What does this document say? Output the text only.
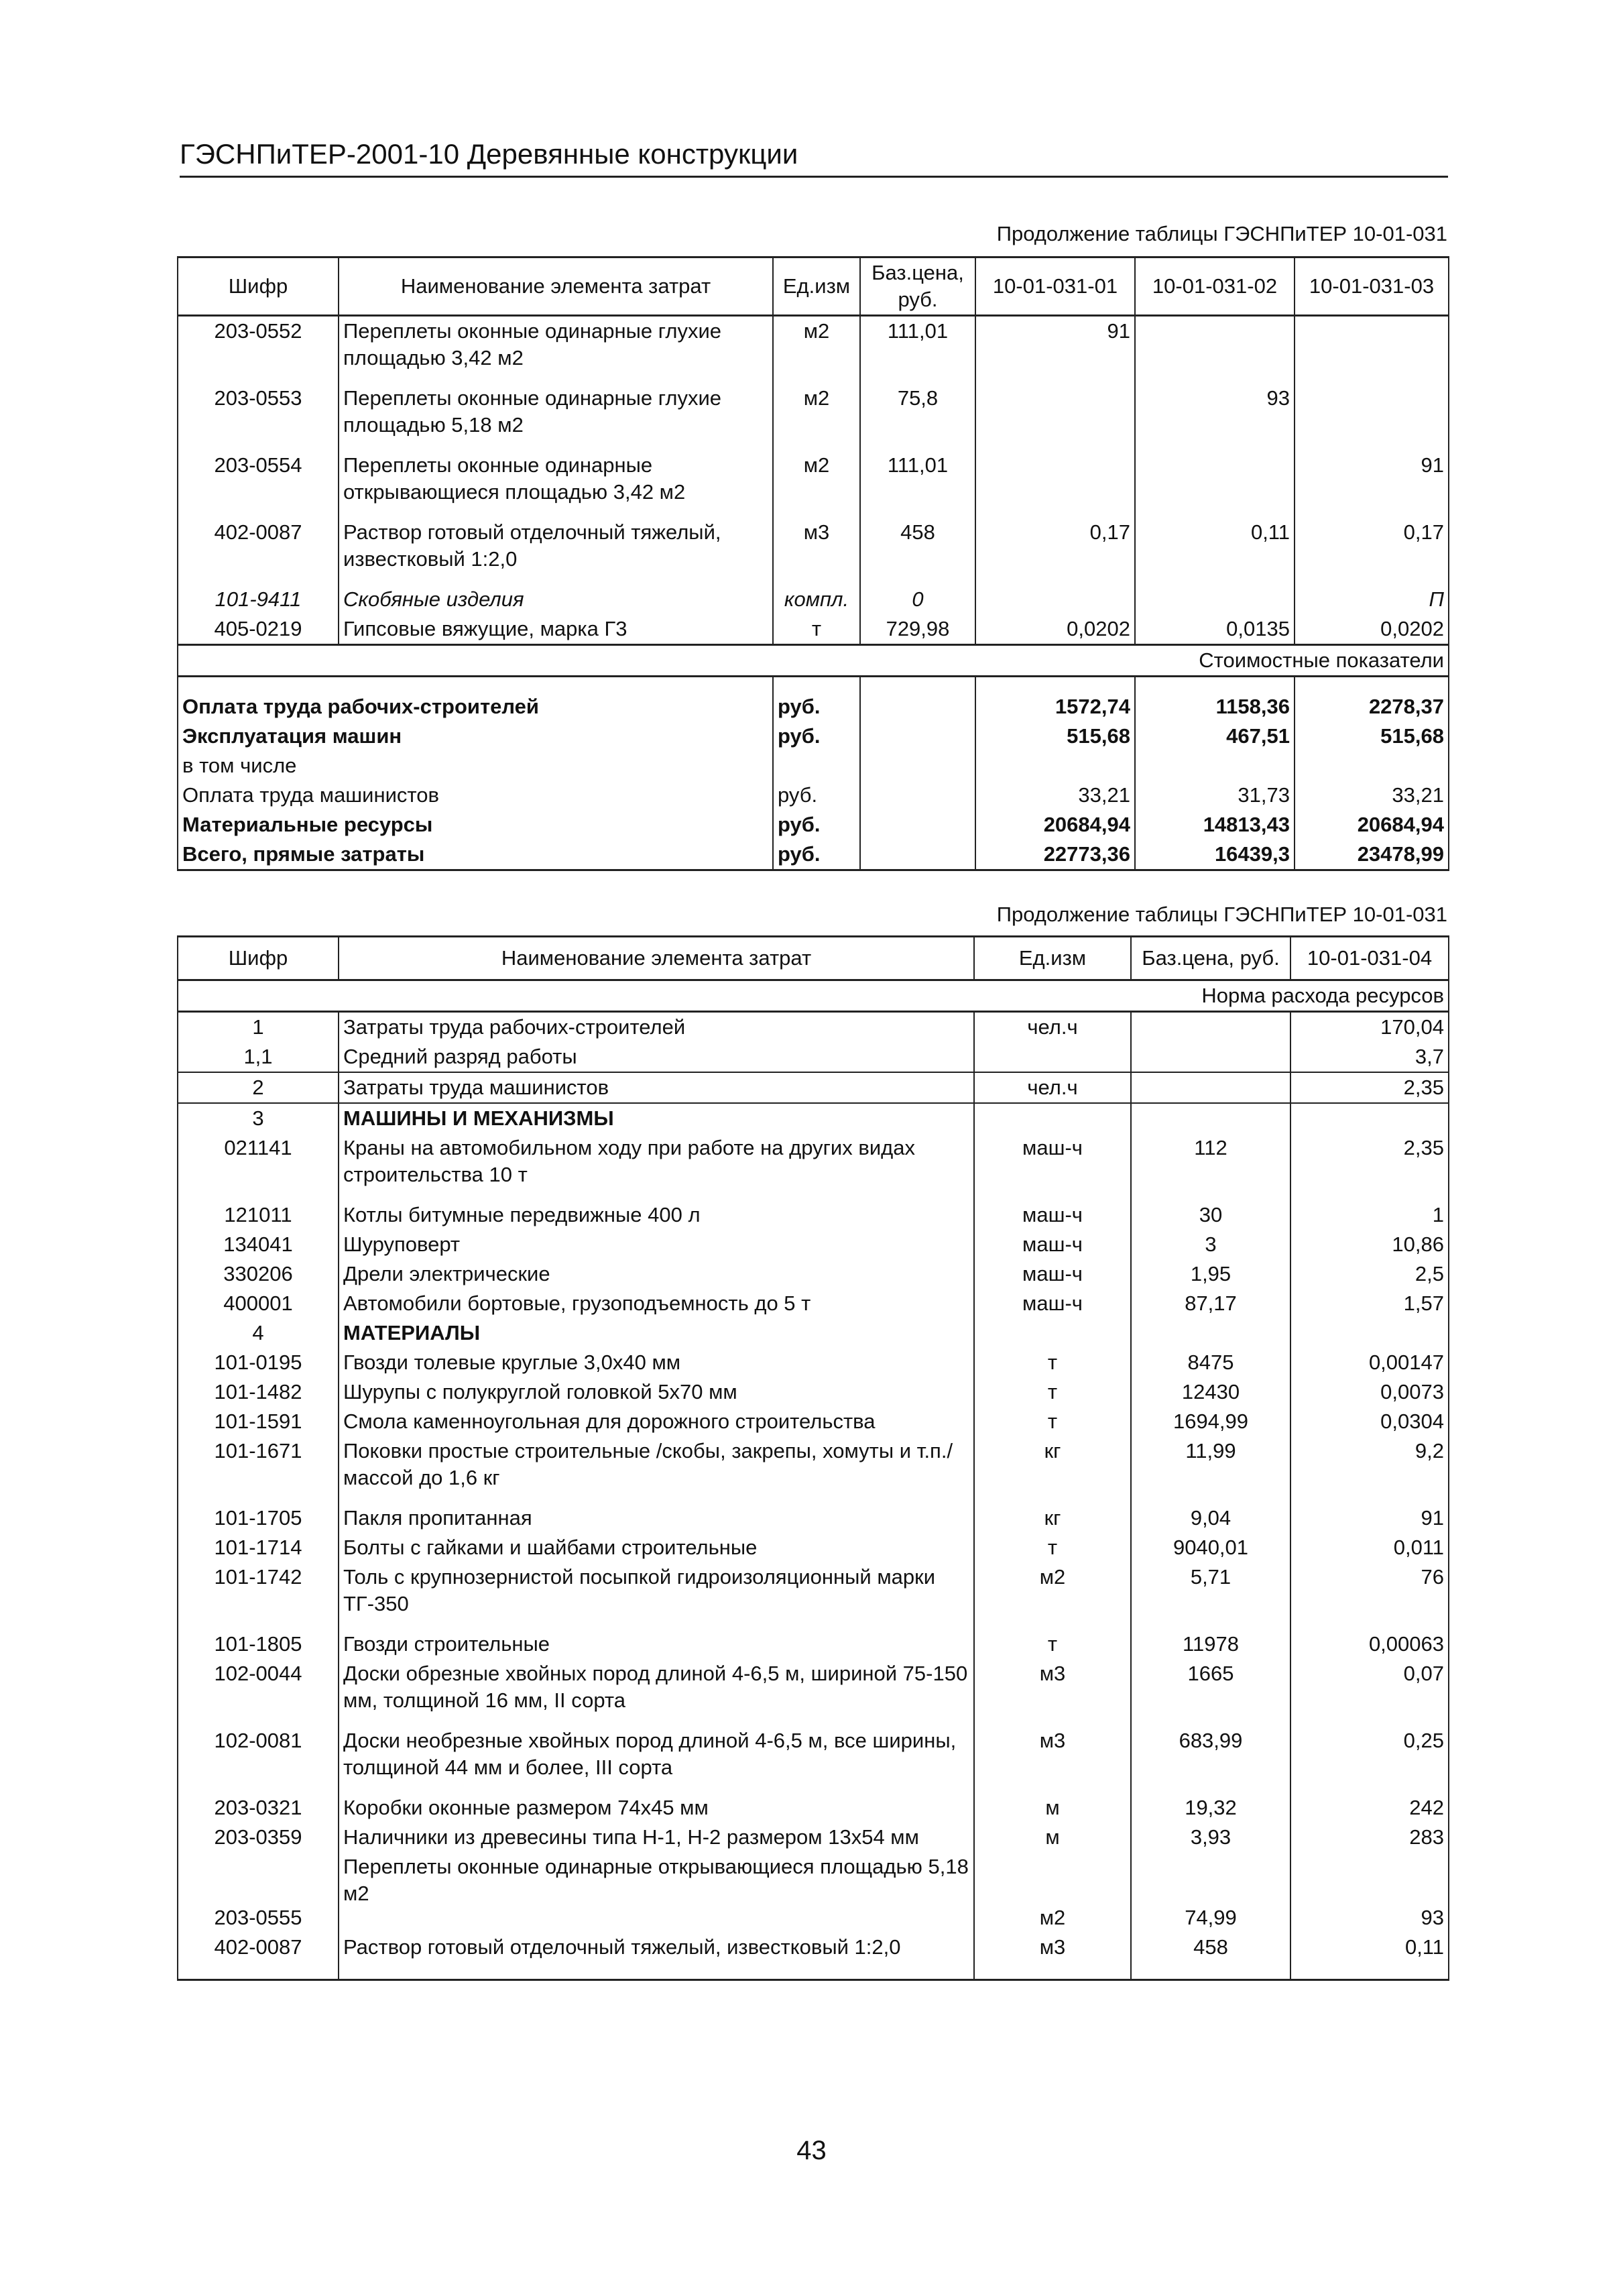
ГЭСНПиТЕР-2001-10 Деревянные конструкции
Продолжение таблицы ГЭСНПиТЕР 10-01-031
Шифр	Наименование элемента затрат	Ед.изм	Баз.цена, руб.	10-01-031-01	10-01-031-02	10-01-031-03
203-0552	Переплеты оконные одинарные глухие площадью 3,42 м2	м2	111,01	91		
203-0553	Переплеты оконные одинарные глухие площадью 5,18 м2	м2	75,8		93	
203-0554	Переплеты оконные одинарные открывающиеся площадью 3,42 м2	м2	111,01			91
402-0087	Раствор готовый отделочный тяжелый, известковый 1:2,0	м3	458	0,17	0,11	0,17
101-9411	Скобяные изделия	компл.	0			П
405-0219	Гипсовые вяжущие, марка Г3	т	729,98	0,0202	0,0135	0,0202
Стоимостные показатели						

Оплата труда рабочих-строителей		руб.		1572,74	1158,36	2278,37
Эксплуатация машин		руб.		515,68	467,51	515,68
в том числе						
Оплата труда машинистов		руб.		33,21	31,73	33,21
Материальные ресурсы		руб.		20684,94	14813,43	20684,94
Всего, прямые затраты		руб.		22773,36	16439,3	23478,99
Продолжение таблицы ГЭСНПиТЕР 10-01-031
Шифр	Наименование элемента затрат	Ед.изм	Баз.цена, руб.	10-01-031-04
Норма расхода ресурсов				
1	Затраты труда рабочих-строителей	чел.ч		170,04
1,1	Средний разряд работы			3,7
2	Затраты труда машинистов	чел.ч		2,35
3	МАШИНЫ И МЕХАНИЗМЫ			
021141	Краны на автомобильном ходу при работе на других видах строительства 10 т	маш-ч	112	2,35
121011	Котлы битумные передвижные 400 л	маш-ч	30	1
134041	Шуруповерт	маш-ч	3	10,86
330206	Дрели электрические	маш-ч	1,95	2,5
400001	Автомобили бортовые, грузоподъемность до 5 т	маш-ч	87,17	1,57
4	МАТЕРИАЛЫ			
101-0195	Гвозди толевые круглые 3,0х40 мм	т	8475	0,00147
101-1482	Шурупы с полукруглой головкой 5х70 мм	т	12430	0,0073
101-1591	Смола каменноугольная для дорожного строительства	т	1694,99	0,0304
101-1671	Поковки простые строительные /скобы, закрепы, хомуты и т.п./ массой до 1,6 кг	кг	11,99	9,2
101-1705	Пакля пропитанная	кг	9,04	91
101-1714	Болты с гайками и шайбами строительные	т	9040,01	0,011
101-1742	Толь с крупнозернистой посыпкой гидроизоляционный марки ТГ-350	м2	5,71	76
101-1805	Гвозди строительные	т	11978	0,00063
102-0044	Доски обрезные хвойных пород длиной 4-6,5 м, шириной 75-150 мм, толщиной 16 мм, II сорта	м3	1665	0,07
102-0081	Доски необрезные хвойных пород длиной 4-6,5 м, все ширины, толщиной 44 мм и более, III сорта	м3	683,99	0,25
203-0321	Коробки оконные размером 74х45 мм	м	19,32	242
203-0359	Наличники из древесины типа Н-1, Н-2 размером 13х54 мм	м	3,93	283
203-0555	Переплеты оконные одинарные открывающиеся площадью 5,18 м2	м2	74,99	93
402-0087	Раствор готовый отделочный тяжелый, известковый 1:2,0	м3	458	0,11
43
